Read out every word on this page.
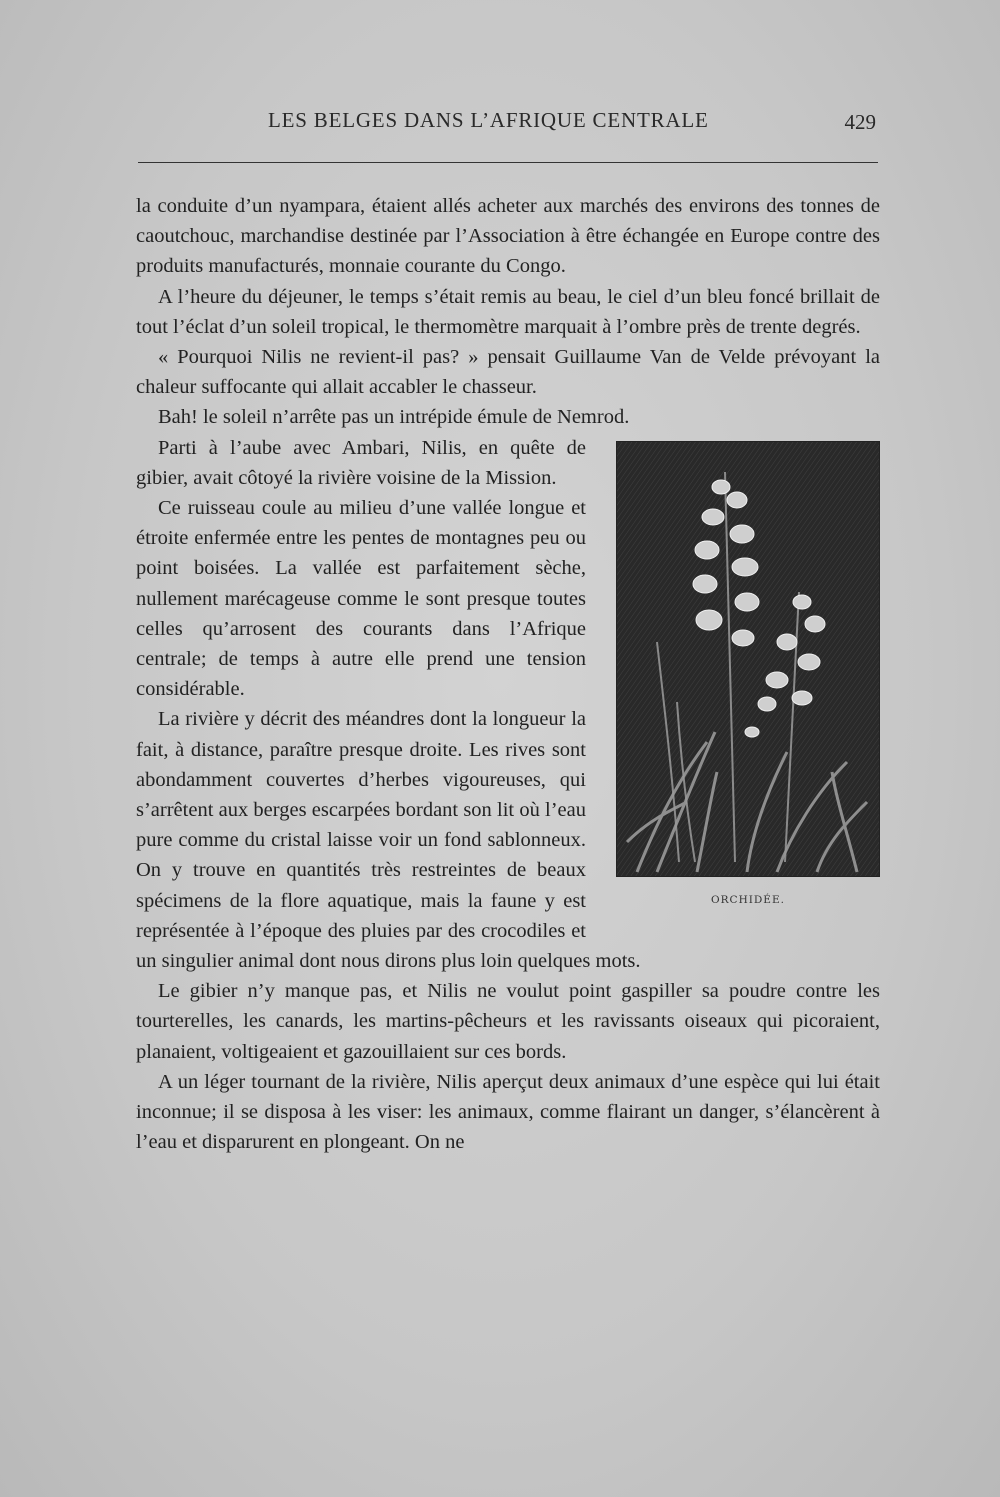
LES BELGES DANS L’AFRIQUE CENTRALE	429

la conduite d’un nyampara, étaient allés acheter aux marchés des environs des tonnes de caoutchouc, marchandise destinée par l’Association à être échangée en Europe contre des produits manufacturés, monnaie courante du Congo.

A l’heure du déjeuner, le temps s’était remis au beau, le ciel d’un bleu foncé brillait de tout l’éclat d’un soleil tropical, le thermomètre marquait à l’ombre près de trente degrés.

« Pourquoi Nilis ne revient-il pas? » pensait Guillaume Van de Velde prévoyant la chaleur suffocante qui allait accabler le chasseur.

Bah! le soleil n’arrête pas un intrépide émule de Nemrod.

ORCHIDÉE.

Parti à l’aube avec Ambari, Nilis, en quête de gibier, avait côtoyé la rivière voisine de la Mission.

Ce ruisseau coule au milieu d’une vallée longue et étroite enfermée entre les pentes de montagnes peu ou point boisées. La vallée est parfaitement sèche, nullement marécageuse comme le sont presque toutes celles qu’arrosent des courants dans l’Afrique centrale; de temps à autre elle prend une tension considérable.

La rivière y décrit des méandres dont la longueur la fait, à distance, paraître presque droite. Les rives sont abondamment couvertes d’herbes vigoureuses, qui s’arrêtent aux berges escarpées bordant son lit où l’eau pure comme du cristal laisse voir un fond sablonneux. On y trouve en quantités très restreintes de beaux spécimens de la flore aquatique, mais la faune y est représentée à l’époque des pluies par des crocodiles et un singulier animal dont nous dirons plus loin quelques mots.

Le gibier n’y manque pas, et Nilis ne voulut point gaspiller sa poudre contre les tourterelles, les canards, les martins-pêcheurs et les ravissants oiseaux qui picoraient, planaient, voltigeaient et gazouillaient sur ces bords.

A un léger tournant de la rivière, Nilis aperçut deux animaux d’une espèce qui lui était inconnue; il se disposa à les viser: les animaux, comme flairant un danger, s’élancèrent à l’eau et disparurent en plongeant. On ne
